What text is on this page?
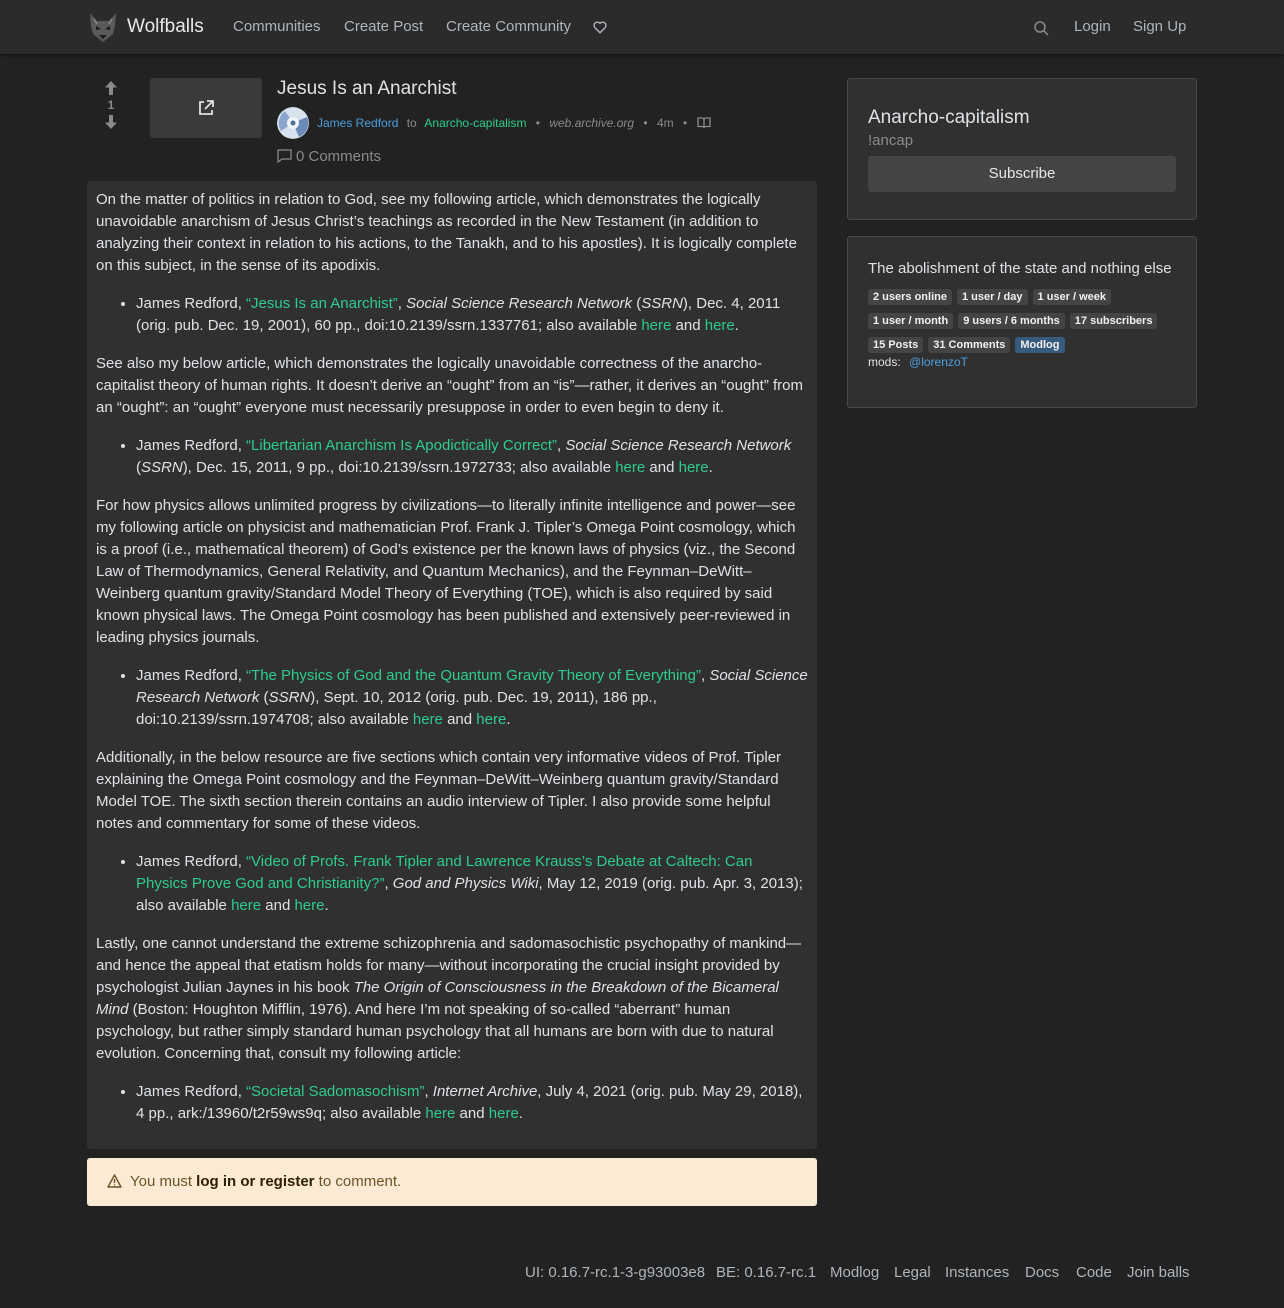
Wolfballs Communities Create Post Create Community	Login Sign Up
1
Jesus Is an Anarchist
James Redford to Anarcho-capitalism • web.archive.org • 4m •
0 Comments

On the matter of politics in relation to God, see my following article, which demonstrates the logically unavoidable anarchism of Jesus Christ’s teachings as recorded in the New Testament (in addition to analyzing their context in relation to his actions, to the Tanakh, and to his apostles). It is logically complete on this subject, in the sense of its apodixis.

• James Redford, “Jesus Is an Anarchist”, Social Science Research Network (SSRN), Dec. 4, 2011 (orig. pub. Dec. 19, 2001), 60 pp., doi:10.2139/ssrn.1337761; also available here and here.

See also my below article, which demonstrates the logically unavoidable correctness of the anarcho-capitalist theory of human rights. It doesn’t derive an “ought” from an “is”—rather, it derives an “ought” from an “ought”: an “ought” everyone must necessarily presuppose in order to even begin to deny it.

• James Redford, “Libertarian Anarchism Is Apodictically Correct”, Social Science Research Network (SSRN), Dec. 15, 2011, 9 pp., doi:10.2139/ssrn.1972733; also available here and here.

For how physics allows unlimited progress by civilizations—to literally infinite intelligence and power—see my following article on physicist and mathematician Prof. Frank J. Tipler’s Omega Point cosmology, which is a proof (i.e., mathematical theorem) of God’s existence per the known laws of physics (viz., the Second Law of Thermodynamics, General Relativity, and Quantum Mechanics), and the Feynman–DeWitt–Weinberg quantum gravity/Standard Model Theory of Everything (TOE), which is also required by said known physical laws. The Omega Point cosmology has been published and extensively peer-reviewed in leading physics journals.

• James Redford, “The Physics of God and the Quantum Gravity Theory of Everything”, Social Science Research Network (SSRN), Sept. 10, 2012 (orig. pub. Dec. 19, 2011), 186 pp., doi:10.2139/ssrn.1974708; also available here and here.

Additionally, in the below resource are five sections which contain very informative videos of Prof. Tipler explaining the Omega Point cosmology and the Feynman–DeWitt–Weinberg quantum gravity/Standard Model TOE. The sixth section therein contains an audio interview of Tipler. I also provide some helpful notes and commentary for some of these videos.

• James Redford, “Video of Profs. Frank Tipler and Lawrence Krauss’s Debate at Caltech: Can Physics Prove God and Christianity?”, God and Physics Wiki, May 12, 2019 (orig. pub. Apr. 3, 2013); also available here and here.

Lastly, one cannot understand the extreme schizophrenia and sadomasochistic psychopathy of mankind—and hence the appeal that etatism holds for many—without incorporating the crucial insight provided by psychologist Julian Jaynes in his book The Origin of Consciousness in the Breakdown of the Bicameral Mind (Boston: Houghton Mifflin, 1976). And here I’m not speaking of so-called “aberrant” human psychology, but rather simply standard human psychology that all humans are born with due to natural evolution. Concerning that, consult my following article:

• James Redford, “Societal Sadomasochism”, Internet Archive, July 4, 2021 (orig. pub. May 29, 2018), 4 pp., ark:/13960/t2r59ws9q; also available here and here.
You must log in or register to comment.
Anarcho-capitalism
!ancap
Subscribe
The abolishment of the state and nothing else
2 users online 1 user / day 1 user / week
1 user / month 9 users / 6 months 17 subscribers
15 Posts 31 Comments Modlog
mods: @lorenzoT
UI: 0.16.7-rc.1-3-g93003e8 BE: 0.16.7-rc.1 Modlog Legal Instances Docs Code Join balls
